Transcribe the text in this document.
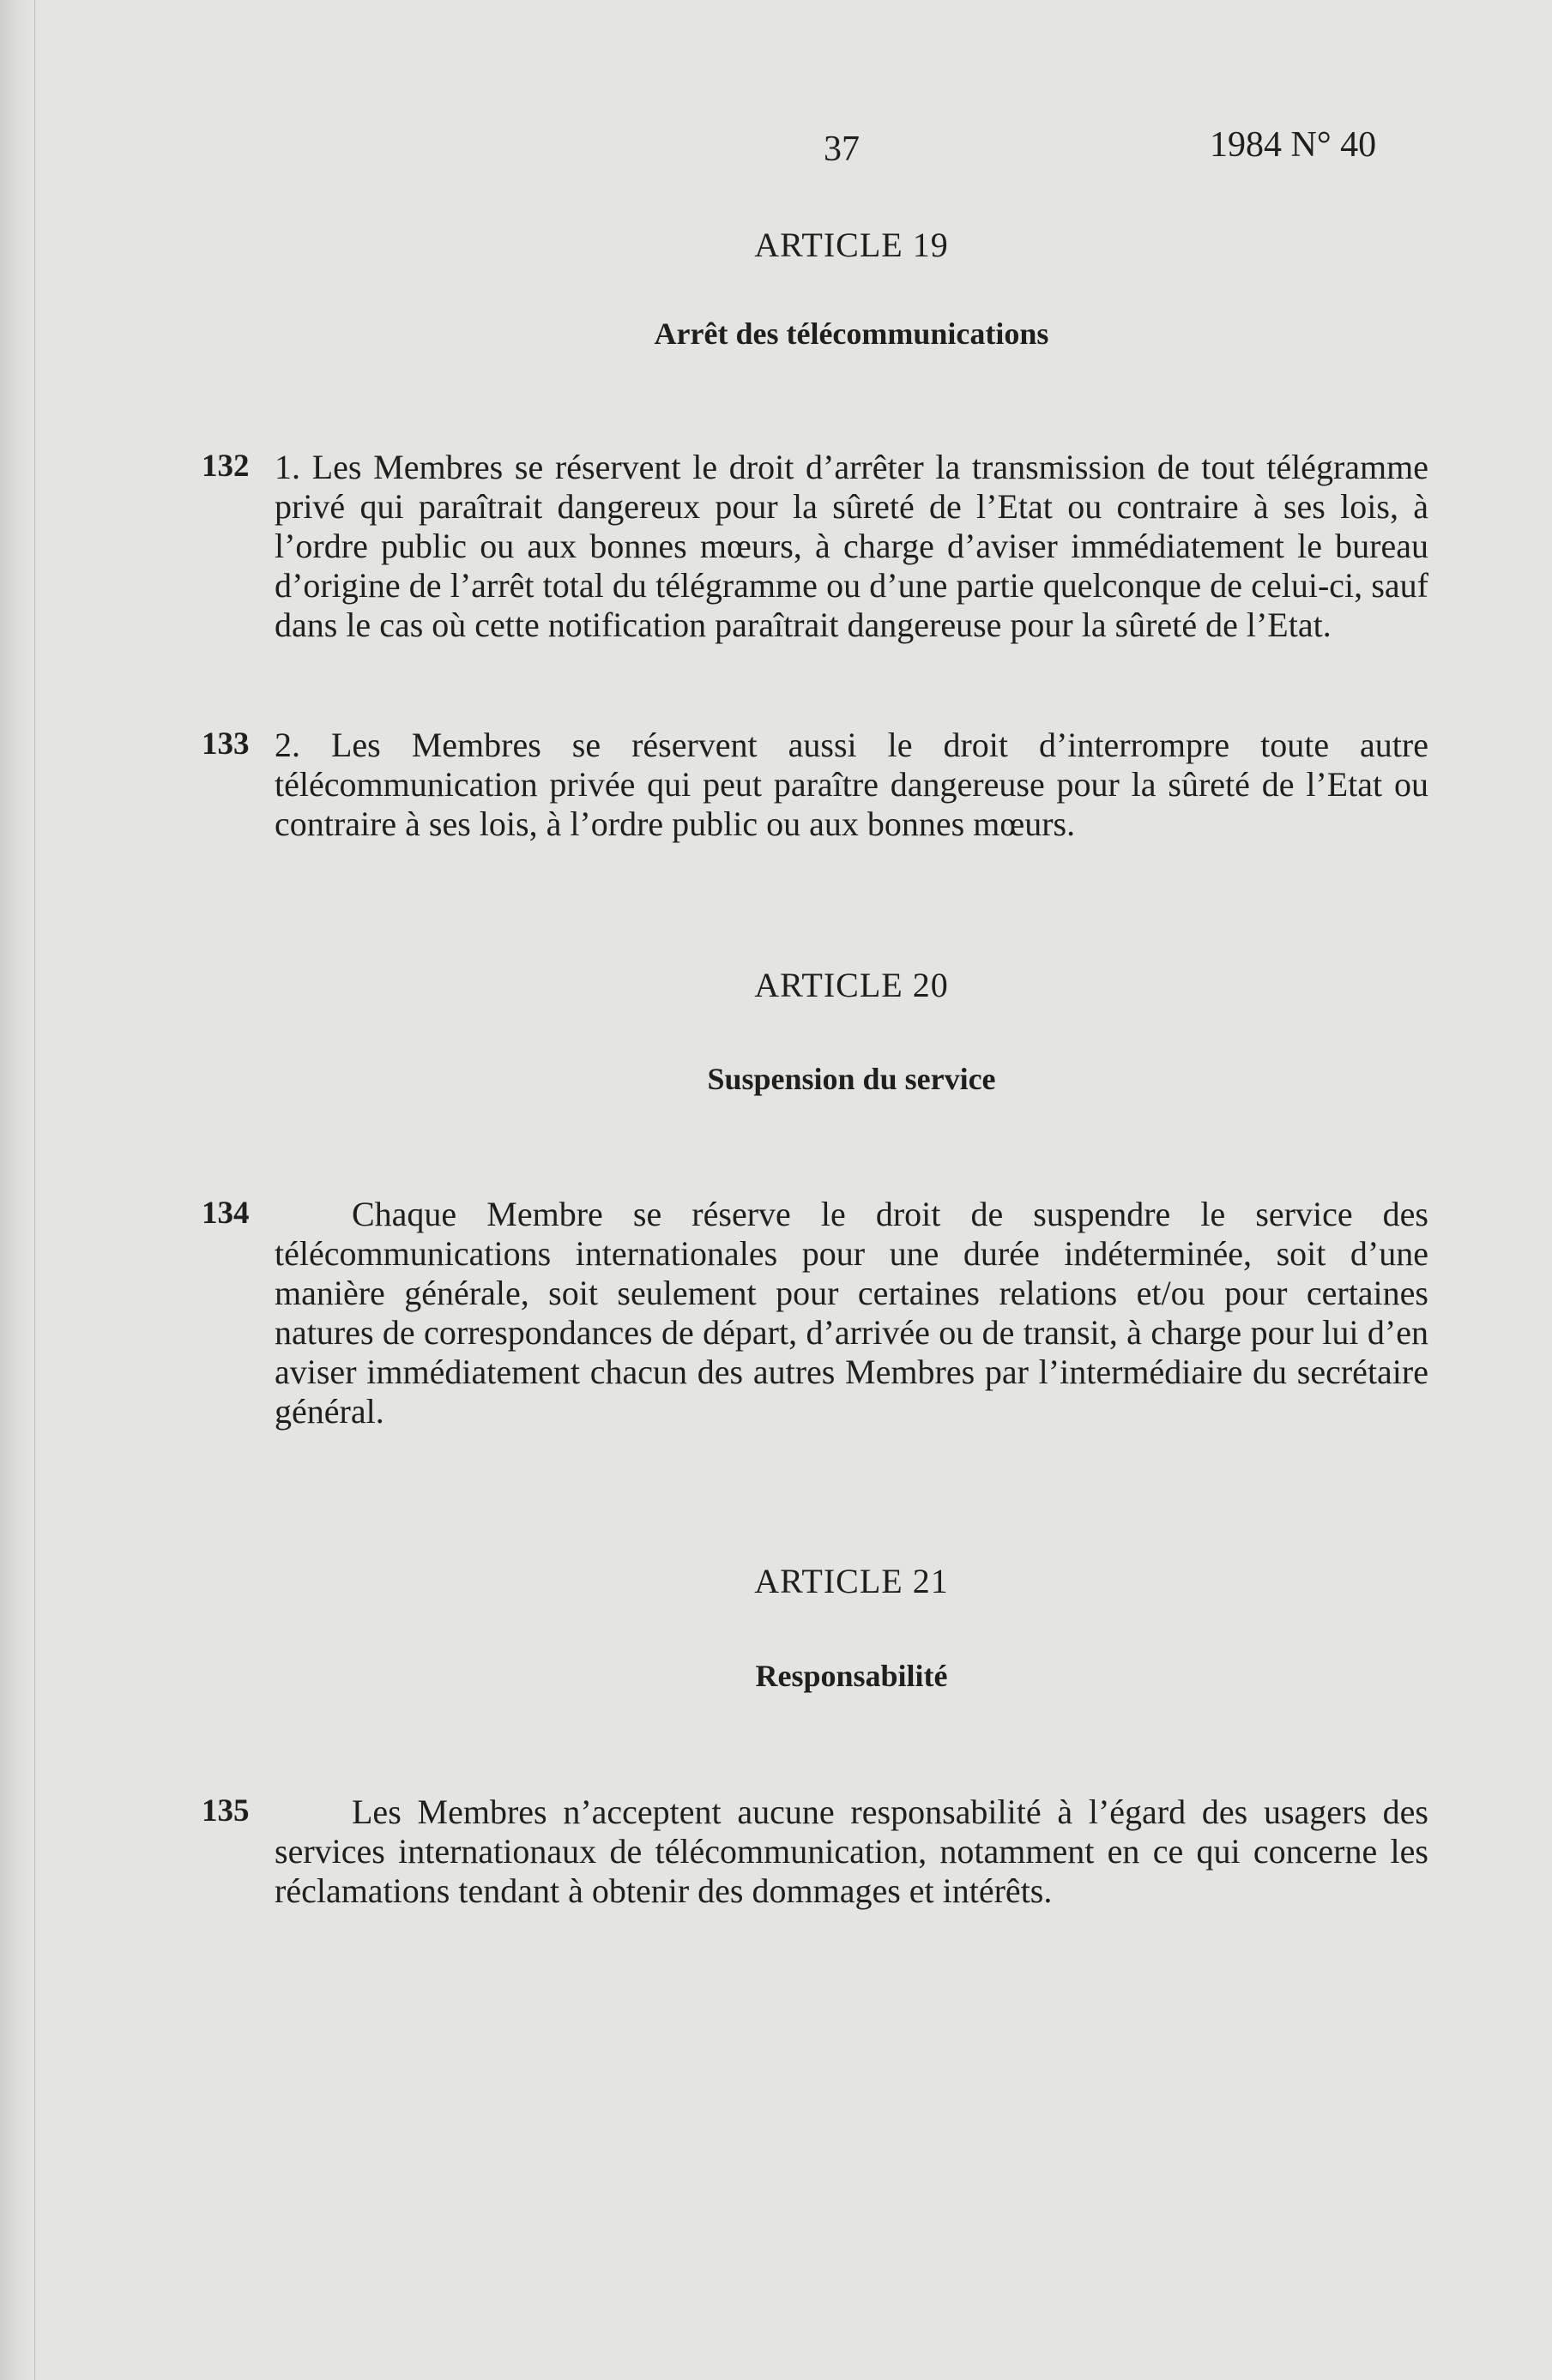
37	1984 N° 40
ARTICLE 19
Arrêt des télécommunications
132 1. Les Membres se réservent le droit d’arrêter la transmission de tout télégramme privé qui paraîtrait dangereux pour la sûreté de l’Etat ou contraire à ses lois, à l’ordre public ou aux bonnes mœurs, à charge d’aviser immédiatement le bureau d’origine de l’arrêt total du télégramme ou d’une partie quelconque de celui-ci, sauf dans le cas où cette notification paraîtrait dangereuse pour la sûreté de l’Etat.

133 2. Les Membres se réservent aussi le droit d’interrompre toute autre télécommunication privée qui peut paraître dangereuse pour la sûreté de l’Etat ou contraire à ses lois, à l’ordre public ou aux bonnes mœurs.

ARTICLE 20
Suspension du service
134	Chaque Membre se réserve le droit de suspendre le service des télécommunications internationales pour une durée indéterminée, soit d’une manière générale, soit seulement pour certaines relations et/ou pour certaines natures de correspondances de départ, d’arrivée ou de transit, à charge pour lui d’en aviser immédiatement chacun des autres Membres par l’intermédiaire du secrétaire général.

ARTICLE 21
Responsabilité
135	Les Membres n’acceptent aucune responsabilité à l’égard des usagers des services internationaux de télécommunication, notamment en ce qui concerne les réclamations tendant à obtenir des dommages et intérêts.
